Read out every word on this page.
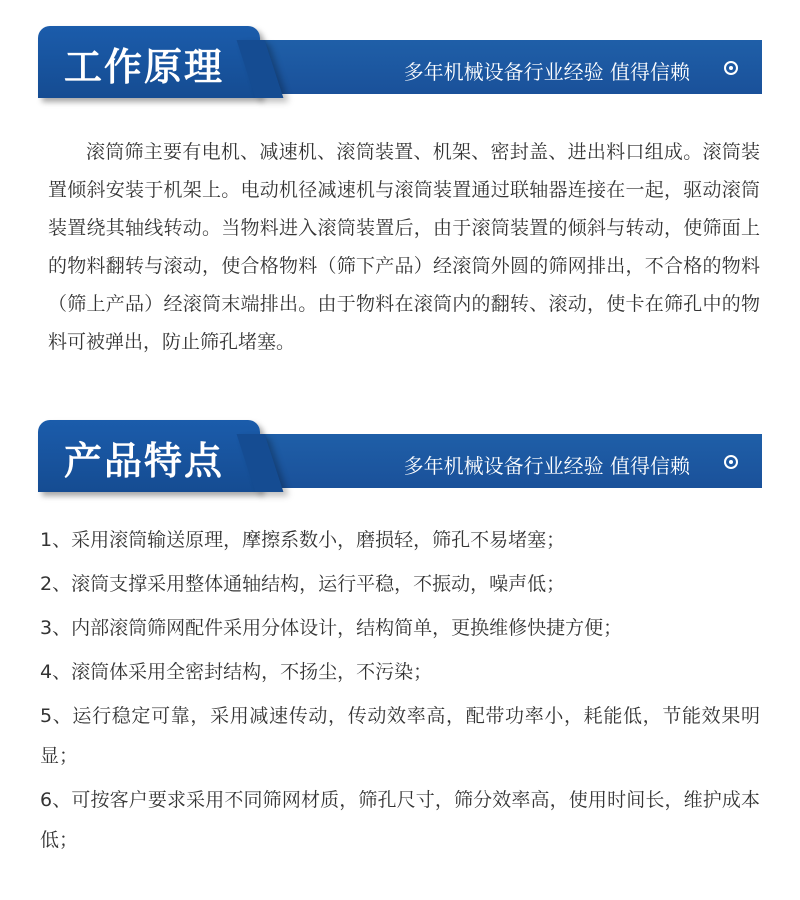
工作原理	多年机械设备行业经验 值得信赖

滚筒筛主要有电机、减速机、滚筒装置、机架、密封盖、进出料口组成。滚筒装置倾斜安装于机架上。电动机径减速机与滚筒装置通过联轴器连接在一起，驱动滚筒装置绕其轴线转动。当物料进入滚筒装置后，由于滚筒装置的倾斜与转动，使筛面上的物料翻转与滚动，使合格物料（筛下产品）经滚筒外圆的筛网排出，不合格的物料（筛上产品）经滚筒末端排出。由于物料在滚筒内的翻转、滚动，使卡在筛孔中的物料可被弹出，防止筛孔堵塞。

产品特点	多年机械设备行业经验 值得信赖
1、采用滚筒输送原理，摩擦系数小，磨损轻，筛孔不易堵塞；
2、滚筒支撑采用整体通轴结构，运行平稳，不振动，噪声低；
3、内部滚筒筛网配件采用分体设计，结构简单，更换维修快捷方便；
4、滚筒体采用全密封结构，不扬尘，不污染；
5、运行稳定可靠，采用减速传动，传动效率高，配带功率小，耗能低，节能效果明显；
6、可按客户要求采用不同筛网材质，筛孔尺寸，筛分效率高，使用时间长，维护成本低；
